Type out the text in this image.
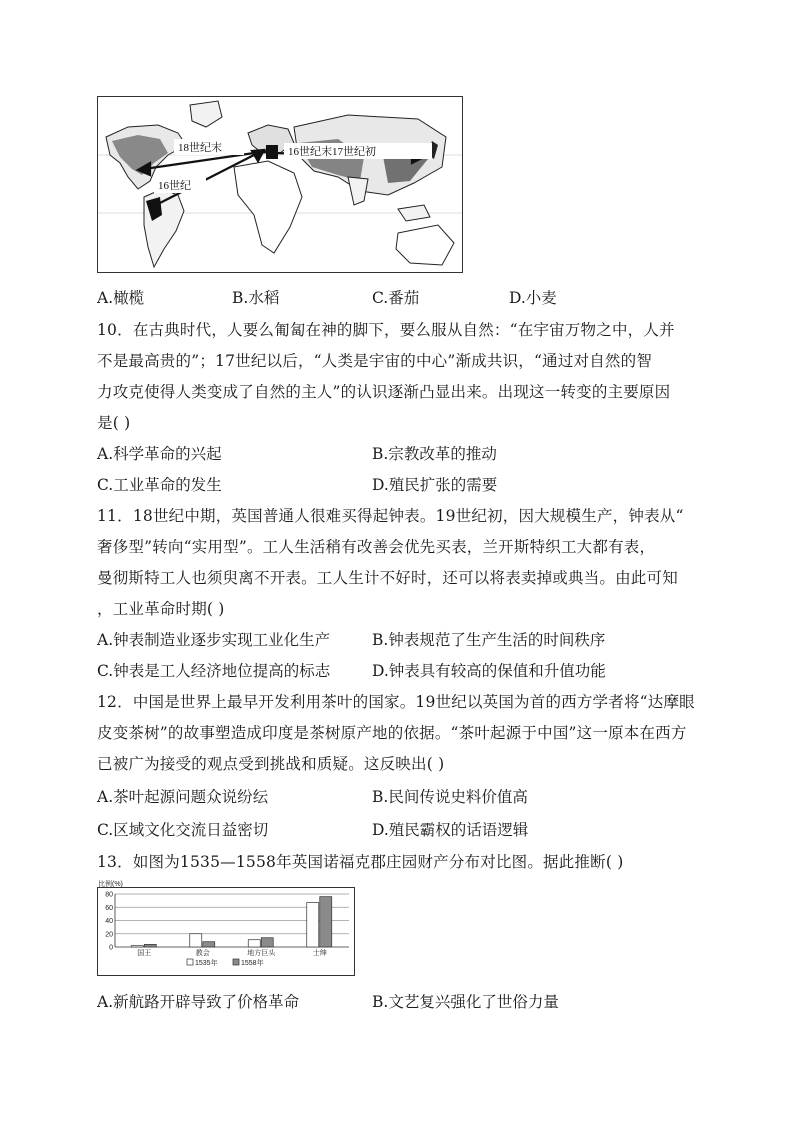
18世纪末	16世纪末17世纪初
16世纪
A.橄榄	B.水稻	C.番茄	D.小麦
10．在古典时代，人要么匍匐在神的脚下，要么服从自然：“在宇宙万物之中，人并
不是最高贵的”；17世纪以后，“人类是宇宙的中心”渐成共识，“通过对自然的智
力攻克使得人类变成了自然的主人”的认识逐渐凸显出来。出现这一转变的主要原因
是( )
A.科学革命的兴起	B.宗教改革的推动
C.工业革命的发生	D.殖民扩张的需要
11．18世纪中期，英国普通人很难买得起钟表。19世纪初，因大规模生产，钟表从“
奢侈型”转向“实用型”。工人生活稍有改善会优先买表，兰开斯特织工大都有表，
曼彻斯特工人也须臾离不开表。工人生计不好时，还可以将表卖掉或典当。由此可知
，工业革命时期( )
A.钟表制造业逐步实现工业化生产	B.钟表规范了生产生活的时间秩序
C.钟表是工人经济地位提高的标志	D.钟表具有较高的保值和升值功能
12．中国是世界上最早开发利用茶叶的国家。19世纪以英国为首的西方学者将“达摩眼
皮变茶树”的故事塑造成印度是茶树原产地的依据。“茶叶起源于中国”这一原本在西方
已被广为接受的观点受到挑战和质疑。这反映出( )
A.茶叶起源问题众说纷纭	B.民间传说史料价值高
C.区域文化交流日益密切	D.殖民霸权的话语逻辑
13．如图为1535—1558年英国诺福克郡庄园财产分布对比图。据此推断( )
比例(%)
0
20
40
60
80
国王	教会	地方巨头	士绅
1535年	1558年
A.新航路开辟导致了价格革命	B.文艺复兴强化了世俗力量
